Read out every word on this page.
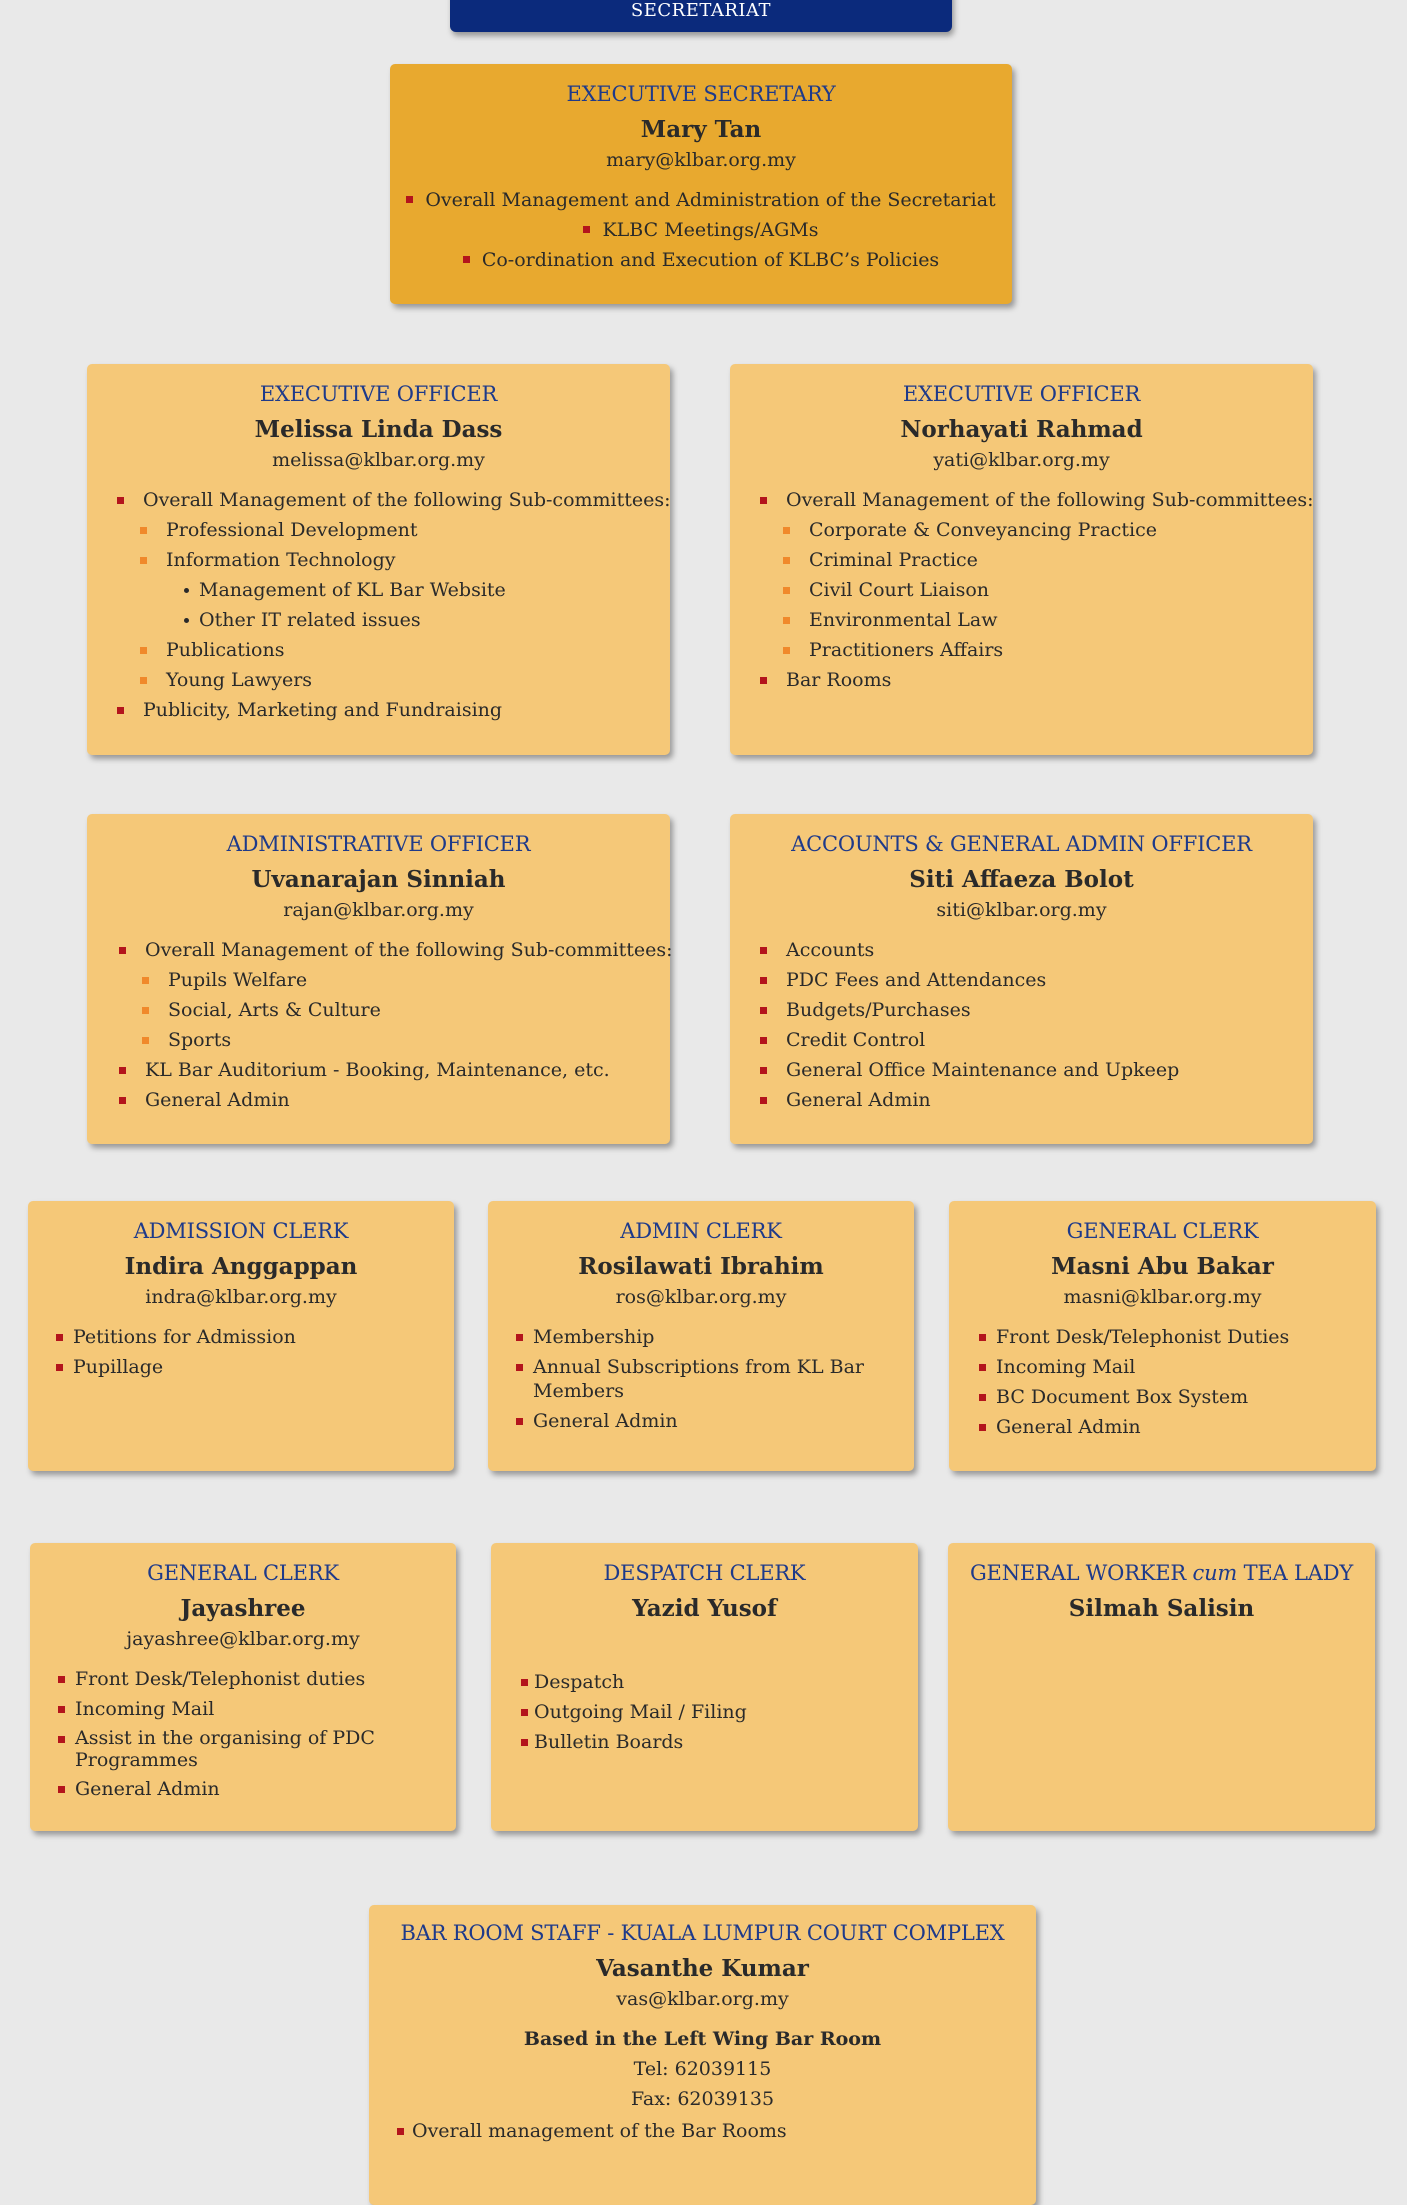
SECRETARIAT
EXECUTIVE SECRETARY
Mary Tan
mary@klbar.org.my
Overall Management and Administration of the Secretariat
KLBC Meetings/AGMs
Co-ordination and Execution of KLBC’s Policies
EXECUTIVE OFFICER
Melissa Linda Dass
melissa@klbar.org.my
Overall Management of the following Sub-committees:
Professional Development
Information Technology
Management of KL Bar Website
Other IT related issues
Publications
Young Lawyers
Publicity, Marketing and Fundraising
EXECUTIVE OFFICER
Norhayati Rahmad
yati@klbar.org.my
Overall Management of the following Sub-committees:
Corporate & Conveyancing Practice
Criminal Practice
Civil Court Liaison
Environmental Law
Practitioners Affairs
Bar Rooms
ADMINISTRATIVE OFFICER
Uvanarajan Sinniah
rajan@klbar.org.my
Overall Management of the following Sub-committees:
Pupils Welfare
Social, Arts & Culture
Sports
KL Bar Auditorium - Booking, Maintenance, etc.
General Admin
ACCOUNTS & GENERAL ADMIN OFFICER
Siti Affaeza Bolot
siti@klbar.org.my
Accounts
PDC Fees and Attendances
Budgets/Purchases
Credit Control
General Office Maintenance and Upkeep
General Admin
ADMISSION CLERK
Indira Anggappan
indra@klbar.org.my
Petitions for Admission
Pupillage
ADMIN CLERK
Rosilawati Ibrahim
ros@klbar.org.my
Membership
Annual Subscriptions from KL Bar Members
General Admin
GENERAL CLERK
Masni Abu Bakar
masni@klbar.org.my
Front Desk/Telephonist Duties
Incoming Mail
BC Document Box System
General Admin
GENERAL CLERK
Jayashree
jayashree@klbar.org.my
Front Desk/Telephonist duties
Incoming Mail
Assist in the organising of PDC Programmes
General Admin
DESPATCH CLERK
Yazid Yusof
Despatch
Outgoing Mail / Filing
Bulletin Boards
GENERAL WORKER cum TEA LADY
Silmah Salisin
BAR ROOM STAFF - KUALA LUMPUR COURT COMPLEX
Vasanthe Kumar
vas@klbar.org.my
Based in the Left Wing Bar Room
Tel: 62039115
Fax: 62039135
Overall management of the Bar Rooms
